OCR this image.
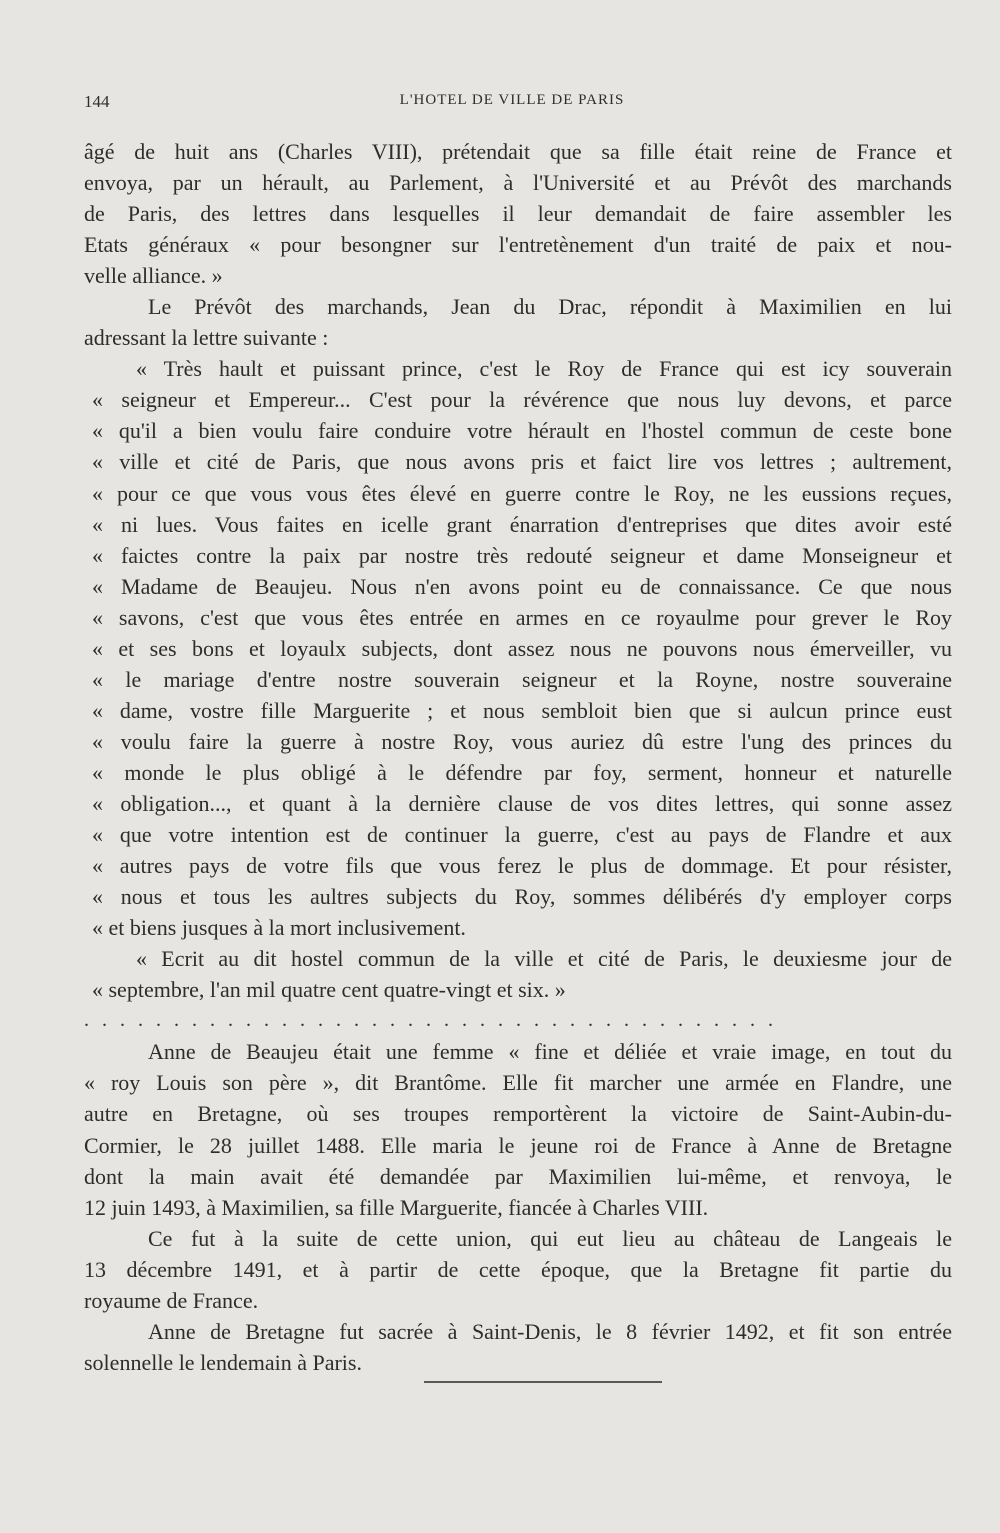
144	L'HOTEL DE VILLE DE PARIS
âgé de huit ans (Charles VIII), prétendait que sa fille était reine de France et
envoya, par un hérault, au Parlement, à l'Université et au Prévôt des marchands
de Paris, des lettres dans lesquelles il leur demandait de faire assembler les
Etats généraux « pour besongner sur l'entretènement d'un traité de paix et nou-
velle alliance. »
Le Prévôt des marchands, Jean du Drac, répondit à Maximilien en lui
adressant la lettre suivante :
« Très hault et puissant prince, c'est le Roy de France qui est icy souverain
« seigneur et Empereur... C'est pour la révérence que nous luy devons, et parce
« qu'il a bien voulu faire conduire votre hérault en l'hostel commun de ceste bone
« ville et cité de Paris, que nous avons pris et faict lire vos lettres ; aultrement,
« pour ce que vous vous êtes élevé en guerre contre le Roy, ne les eussions reçues,
« ni lues. Vous faites en icelle grant énarration d'entreprises que dites avoir esté
« faictes contre la paix par nostre très redouté seigneur et dame Monseigneur et
« Madame de Beaujeu. Nous n'en avons point eu de connaissance. Ce que nous
« savons, c'est que vous êtes entrée en armes en ce royaulme pour grever le Roy
« et ses bons et loyaulx subjects, dont assez nous ne pouvons nous émerveiller, vu
« le mariage d'entre nostre souverain seigneur et la Royne, nostre souveraine
« dame, vostre fille Marguerite ; et nous sembloit bien que si aulcun prince eust
« voulu faire la guerre à nostre Roy, vous auriez dû estre l'ung des princes du
« monde le plus obligé à le défendre par foy, serment, honneur et naturelle
« obligation..., et quant à la dernière clause de vos dites lettres, qui sonne assez
« que votre intention est de continuer la guerre, c'est au pays de Flandre et aux
« autres pays de votre fils que vous ferez le plus de dommage. Et pour résister,
« nous et tous les aultres subjects du Roy, sommes délibérés d'y employer corps
« et biens jusques à la mort inclusivement.
« Ecrit au dit hostel commun de la ville et cité de Paris, le deuxiesme jour de
« septembre, l'an mil quatre cent quatre-vingt et six. »
. . . . . . . . . . . . . . . . . . . . . . . . . . . . . . . . . . . . . . .
Anne de Beaujeu était une femme « fine et déliée et vraie image, en tout du
« roy Louis son père », dit Brantôme. Elle fit marcher une armée en Flandre, une
autre en Bretagne, où ses troupes remportèrent la victoire de Saint-Aubin-du-
Cormier, le 28 juillet 1488. Elle maria le jeune roi de France à Anne de Bretagne
dont la main avait été demandée par Maximilien lui-même, et renvoya, le
12 juin 1493, à Maximilien, sa fille Marguerite, fiancée à Charles VIII.
Ce fut à la suite de cette union, qui eut lieu au château de Langeais le
13 décembre 1491, et à partir de cette époque, que la Bretagne fit partie du
royaume de France.
Anne de Bretagne fut sacrée à Saint-Denis, le 8 février 1492, et fit son entrée
solennelle le lendemain à Paris.
